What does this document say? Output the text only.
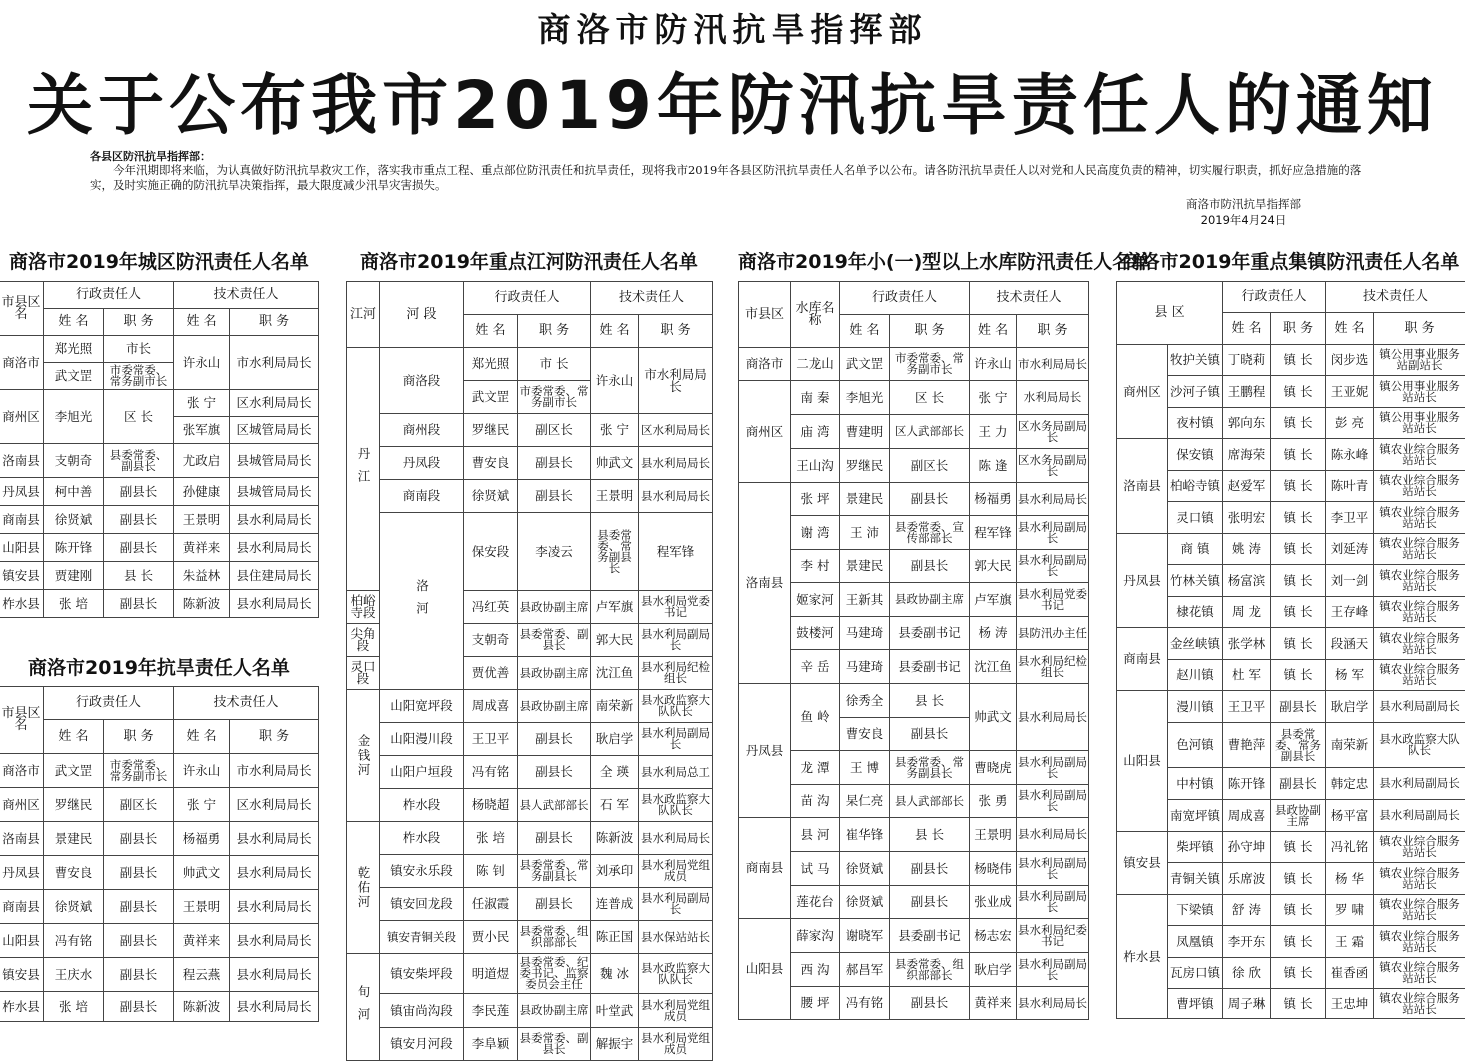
商洛市防汛抗旱指挥部
关于公布我市2019年防汛抗旱责任人的通知
各县区防汛抗旱指挥部：
今年汛期即将来临，为认真做好防汛抗旱救灾工作，落实我市重点工程、重点部位防汛责任和抗旱责任，现将我市2019年各县区防汛抗旱责任人名单予以公布。请各防汛抗旱责任人以对党和人民高度负责的精神，切实履行职责，抓好应急措施的落实，及时实施正确的防汛抗旱决策指挥，最大限度减少汛旱灾害损失。
商洛市防汛抗旱指挥部
2019年4月24日
商洛市2019年城区防汛责任人名单
市县区名	行政责任人		技术责任人	
	姓 名	职 务	姓 名	职 务
商洛市	郑光照	市长	许永山	市水利局局长
	武文罡	市委常委、常务副市长		
商州区	李旭光	区 长	张 宁	区水利局局长
			张军旗	区城管局局长
洛南县	支朝奇	县委常委、副县长	尤政启	县城管局局长
丹凤县	柯中善	副县长	孙健康	县城管局局长
商南县	徐贤斌	副县长	王景明	县水利局局长
山阳县	陈开锋	副县长	黄祥来	县水利局局长
镇安县	贾建刚	县 长	朱益林	县住建局局长
柞水县	张 培	副县长	陈新波	县水利局局长
商洛市2019年抗旱责任人名单
市县区名	行政责任人		技术责任人	
	姓 名	职 务	姓 名	职 务
商洛市	武文罡	市委常委、常务副市长	许永山	市水利局局长
商州区	罗继民	副区长	张 宁	区水利局局长
洛南县	景建民	副县长	杨福勇	县水利局局长
丹凤县	曹安良	副县长	帅武文	县水利局局长
商南县	徐贤斌	副县长	王景明	县水利局局长
山阳县	冯有铭	副县长	黄祥来	县水利局局长
镇安县	王庆水	副县长	程云燕	县水利局局长
柞水县	张 培	副县长	陈新波	县水利局局长
商洛市2019年重点江河防汛责任人名单
江河	河 段	行政责任人		技术责任人		
		姓 名	职 务	姓 名	职 务	
丹江	商洛段	郑光照	市 长	许永山	市水利局局长	
		武文罡	市委常委、常务副市长			
	商州段	罗继民	副区长	张 宁	区水利局局长	
	丹凤段	曹安良	副县长	帅武文	县水利局局长	
	商南段	徐贤斌	副县长	王景明	县水利局局长	
	洛河	保安段	李凌云	县委常委、常务副县长	程军锋	
柏峪寺段		冯红英	县政协副主席	卢军旗	县水利局党委书记	
尖角段		支朝奇	县委常委、副县长	郭大民	县水利局副局长	
灵口段		贾优善	县政协副主席	沈江鱼	县水利局纪检组长	
金钱河	山阳宽坪段	周成喜	县政协副主席	南荣新	县水政监察大队队长	
	山阳漫川段	王卫平	副县长	耿启学	县水利局副局长	
	山阳户垣段	冯有铭	副县长	全 瑛	县水利局总工	
	柞水段	杨晓超	县人武部部长	石 军	县水政监察大队队长	
乾佑河	柞水段	张 培	副县长	陈新波	县水利局局长	
	镇安永乐段	陈 钊	县委常委、常务副县长	刘承印	县水利局党组成员	
	镇安回龙段	任淑霞	副县长	连普成	县水利局副局长	
	镇安青铜关段	贾小民	县委常委、组织部部长	陈正国	县水保站站长	
旬河	镇安柴坪段	明道煜	县委常委、纪委书记、监察委员会主任	魏 冰	县水政监察大队队长	
	镇宙尚沟段	李民莲	县政协副主席	叶堂武	县水利局党组成员	
	镇安月河段	李阜颖	县委常委、副县长	解振宇	县水利局党组成员	
商洛市2019年小(一)型以上水库防汛责任人名单
市县区	水库名称	行政责任人		技术责任人	
		姓 名	职 务	姓 名	职 务
商洛市	二龙山	武文罡	市委常委、常务副市长	许永山	市水利局局长
商州区	南 秦	李旭光	区 长	张 宁	水利局局长
	庙 湾	曹建明	区人武部部长	王 力	区水务局副局长
	王山沟	罗继民	副区长	陈 逢	区水务局副局长
洛南县	张 坪	景建民	副县长	杨福勇	县水利局局长
	谢 湾	王 沛	县委常委、宣传部部长	程军锋	县水利局副局长
	李 村	景建民	副县长	郭大民	县水利局副局长
	姬家河	王新其	县政协副主席	卢军旗	县水利局党委书记
	鼓楼河	马建琦	县委副书记	杨 涛	县防汛办主任
	辛 岳	马建琦	县委副书记	沈江鱼	县水利局纪检组长
丹凤县	鱼 岭	徐秀全	县 长	帅武文	县水利局局长
		曹安良	副县长		
	龙 潭	王 博	县委常委、常务副县长	曹晓虎	县水利局副局长
	苗 沟	杲仁亮	县人武部部长	张 勇	县水利局副局长
商南县	县 河	崔华锋	县 长	王景明	县水利局局长
	试 马	徐贤斌	副县长	杨晓伟	县水利局副局长
	莲花台	徐贤斌	副县长	张业成	县水利局副局长
山阳县	薛家沟	谢晓军	县委副书记	杨志宏	县水利局纪委书记
	西 沟	郝昌军	县委常委、组织部部长	耿启学	县水利局副局长
	腰 坪	冯有铭	副县长	黄祥来	县水利局局长
商洛市2019年重点集镇防汛责任人名单
县 区		行政责任人		技术责任人	
		姓 名	职 务	姓 名	职 务
商州区	牧护关镇	丁晓莉	镇 长	闵步选	镇公用事业服务站副站长
	沙河子镇	王鹏程	镇 长	王亚妮	镇公用事业服务站站长
	夜村镇	郭向东	镇 长	彭 亮	镇公用事业服务站站长
洛南县	保安镇	席海荣	镇 长	陈永峰	镇农业综合服务站站长
	柏峪寺镇	赵爱军	镇 长	陈叶青	镇农业综合服务站站长
	灵口镇	张明宏	镇 长	李卫平	镇农业综合服务站站长
丹凤县	商 镇	姚 涛	镇 长	刘延涛	镇农业综合服务站站长
	竹林关镇	杨富滨	镇 长	刘一剑	镇农业综合服务站站长
	棣花镇	周 龙	镇 长	王存峰	镇农业综合服务站站长
商南县	金丝峡镇	张学林	镇 长	段涵天	镇农业综合服务站站长
	赵川镇	杜 军	镇 长	杨 军	镇农业综合服务站站长
山阳县	漫川镇	王卫平	副县长	耿启学	县水利局副局长
	色河镇	曹艳萍	县委常委、常务副县长	南荣新	县水政监察大队队长
	中村镇	陈开锋	副县长	韩定忠	县水利局副局长
	南宽坪镇	周成喜	县政协副主席	杨平富	县水利局副局长
镇安县	柴坪镇	孙守坤	镇 长	冯礼铭	镇农业综合服务站站长
	青铜关镇	乐席波	镇 长	杨 华	镇农业综合服务站站长
柞水县	下梁镇	舒 涛	镇 长	罗 啸	镇农业综合服务站站长
	凤凰镇	李开东	镇 长	王 霜	镇农业综合服务站站长
	瓦房口镇	徐 欣	镇 长	崔香函	镇农业综合服务站站长
	曹坪镇	周子琳	镇 长	王忠坤	镇农业综合服务站站长
